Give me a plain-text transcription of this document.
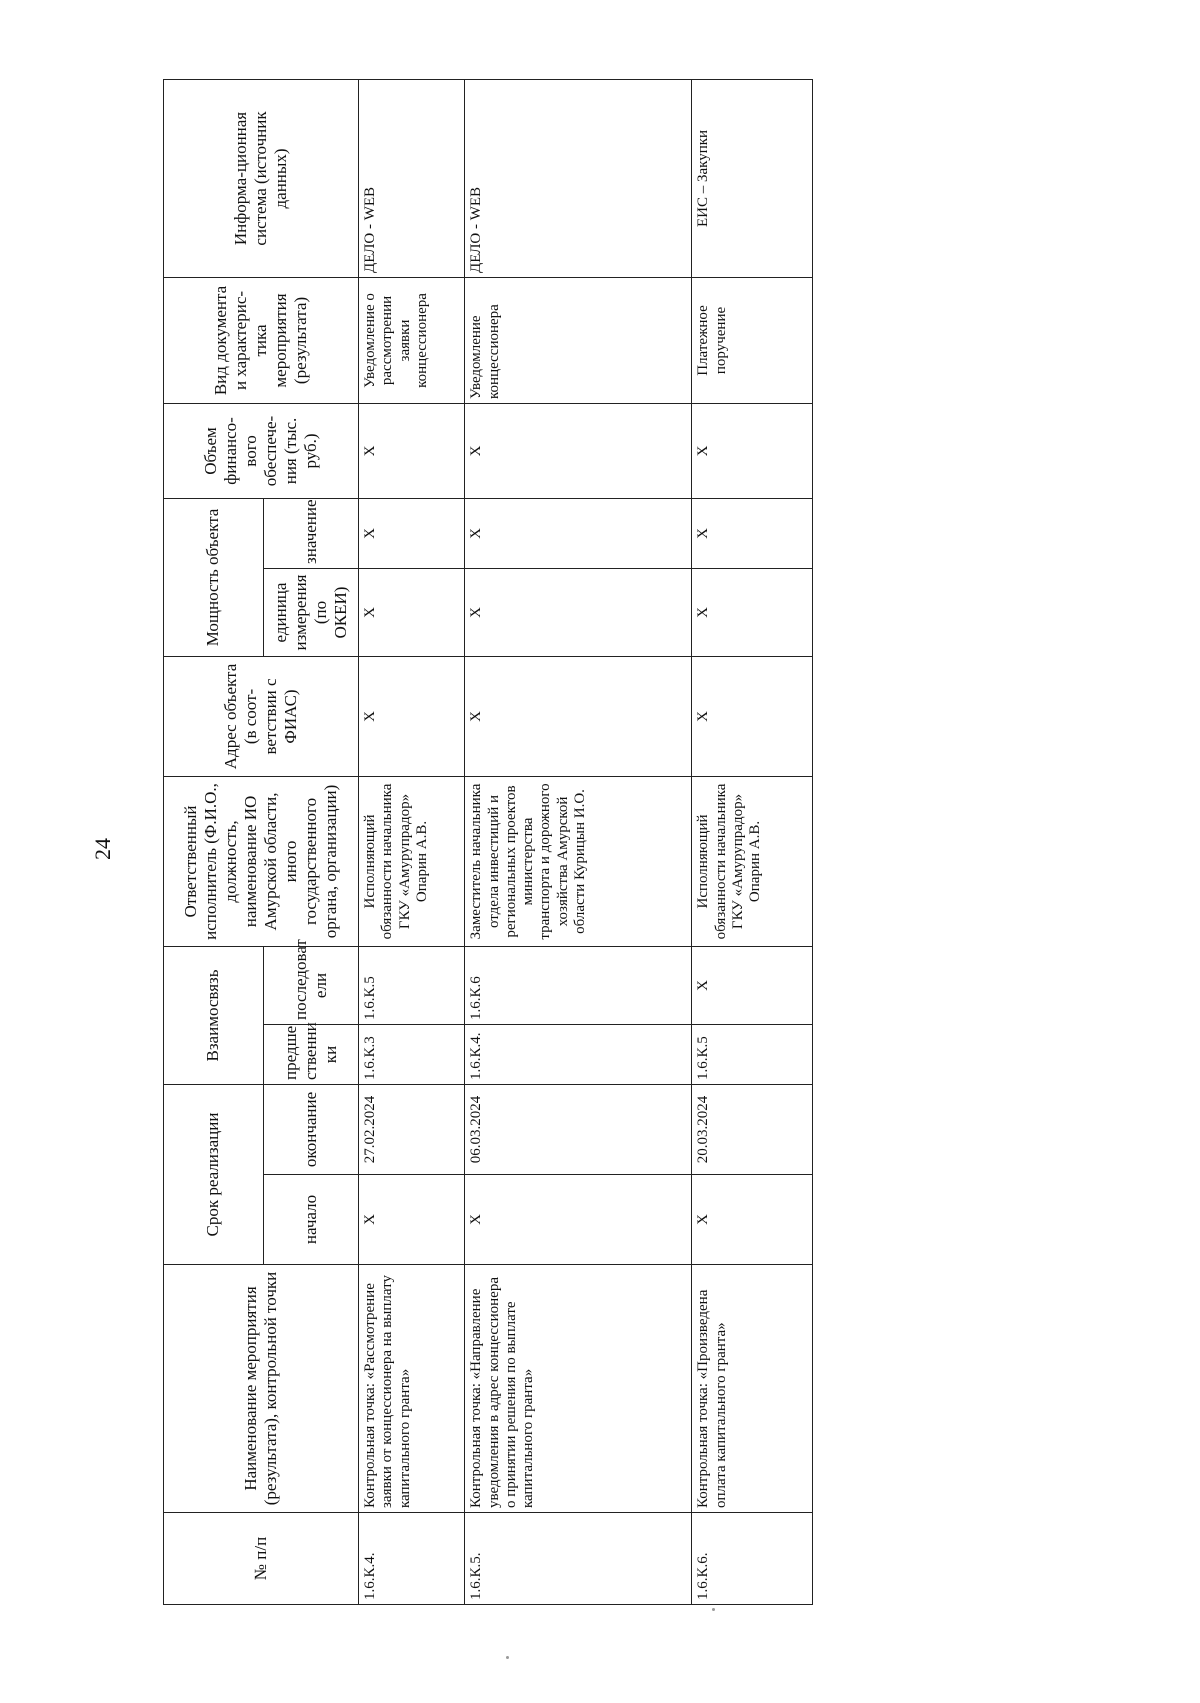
24
№ п/п	Наименование мероприятия (результата), контрольной точки	Срок реализации		Взаимосвязь		Ответственный исполнитель (Ф.И.О., должность, наименование ИО Амурской области, иного государственного органа, организации)	Адрес объекта (в соот-ветствии с ФИАС)	Мощность объекта		Объем финансо-вого обеспече-ния (тыс. руб.)	Вид документа и характерис-тика мероприятия (результата)	Информа-ционная система (источник данных)
		начало	окончание	предше ственни ки	последоват ели			единица измерения (по ОКЕИ)	значение			
1.6.К.4.	Контрольная точка: «Рассмотрение заявки от концессионера на выплату капитального гранта»	Х	27.02.2024	1.6.К.3	1.6.К.5	Исполняющий обязанности начальника ГКУ «Амурупрадор» Опарин А.В.	Х	Х	Х	Х	Уведомление о рассмотрении заявки концессионера	ДЕЛО - WEB
1.6.К.5.	Контрольная точка: «Направление уведомления в адрес концессионера о принятии решения по выплате капитального гранта»	Х	06.03.2024	1.6.К.4.	1.6.К.6	Заместитель начальника отдела инвестиций и региональных проектов министерства транспорта и дорожного хозяйства Амурской области Курицын И.О.	Х	Х	Х	Х	Уведомление концессионера	ДЕЛО - WEB
1.6.К.6.	Контрольная точка: «Произведена оплата капитального гранта»	Х	20.03.2024	1.6.К.5	Х	Исполняющий обязанности начальника ГКУ «Амурупрадор» Опарин А.В.	Х	Х	Х	Х	Платежное поручение	ЕИС – Закупки
